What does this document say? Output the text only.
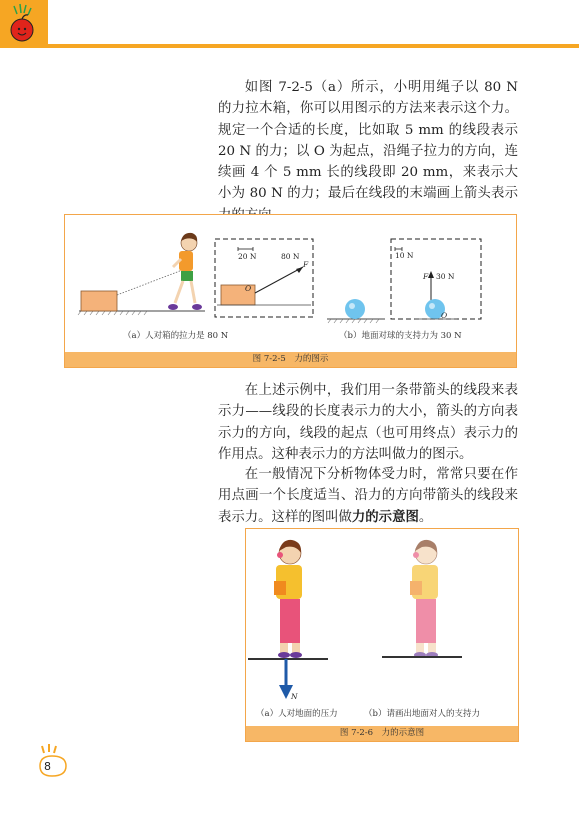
如图 7-2-5（a）所示，小明用绳子以 80 N 的力拉木箱，你可以用图示的方法来表示这个力。规定一个合适的长度，比如取 5 mm 的线段表示 20 N 的力；以 O 为起点，沿绳子拉力的方向，连续画 4 个 5 mm 长的线段即 20 mm，来表示大小为 80 N 的力；最后在线段的末端画上箭头表示

20 N	80 N
F
O
10 N
F 30 N
O
（a）人对箱的拉力是 80 N	（b）地面对球的支持力为 30 N
图 7-2-5　力的图示

在上述示例中，我们用一条带箭头的线段来表示力——线段的长度表示力的大小，箭头的方向表示力的方向，线段的起点（也可用终点）表示力的作用点。这种表示力的方法叫做力的图示。

在一般情况下分析物体受力时，常常只要在作用点画一个长度适当、沿力的方向带箭头的线段来表示力。这样的图叫做力的示意图。

N
（a）人对地面的压力	（b）请画出地面对人的支持力
图 7-2-6　力的示意图
8
